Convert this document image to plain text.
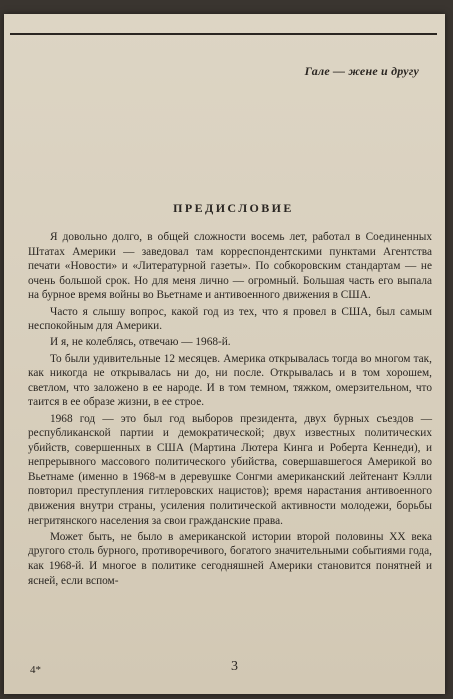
Гале — жене и другу
ПРЕДИСЛОВИЕ

Я довольно долго, в общей сложности восемь лет, работал в Соединенных Штатах Америки — заведовал там корреспондентскими пунктами Агентства печати «Новости» и «Литературной газеты». По собкоровским стандартам — не очень большой срок. Но для меня лично — огромный. Большая часть его выпала на бурное время войны во Вьетнаме и антивоенного движения в США.

Часто я слышу вопрос, какой год из тех, что я провел в США, был самым неспокойным для Америки.

И я, не колеблясь, отвечаю — 1968-й.

То были удивительные 12 месяцев. Америка открывалась тогда во многом так, как никогда не открывалась ни до, ни после. Открывалась и в том хорошем, светлом, что заложено в ее народе. И в том темном, тяжком, омерзительном, что таится в ее образе жизни, в ее строе.

1968 год — это был год выборов президента, двух бурных съездов — республиканской партии и демократической; двух известных политических убийств, совершенных в США (Мартина Лютера Кинга и Роберта Кеннеди), и непрерывного массового политического убийства, совершавшегося Америкой во Вьетнаме (именно в 1968-м в деревушке Сонгми американский лейтенант Кэлли повторил преступления гитлеровских нацистов); время нарастания антивоенного движения внутри страны, усиления политической активности молодежи, борьбы негритянского населения за свои гражданские права.

Может быть, не было в американской истории второй половины XX века другого столь бурного, противоречивого, богатого значительными событиями года, как 1968-й. И многое в политике сегодняшней Америки становится понятней и ясней, если вспом-

4*	3
